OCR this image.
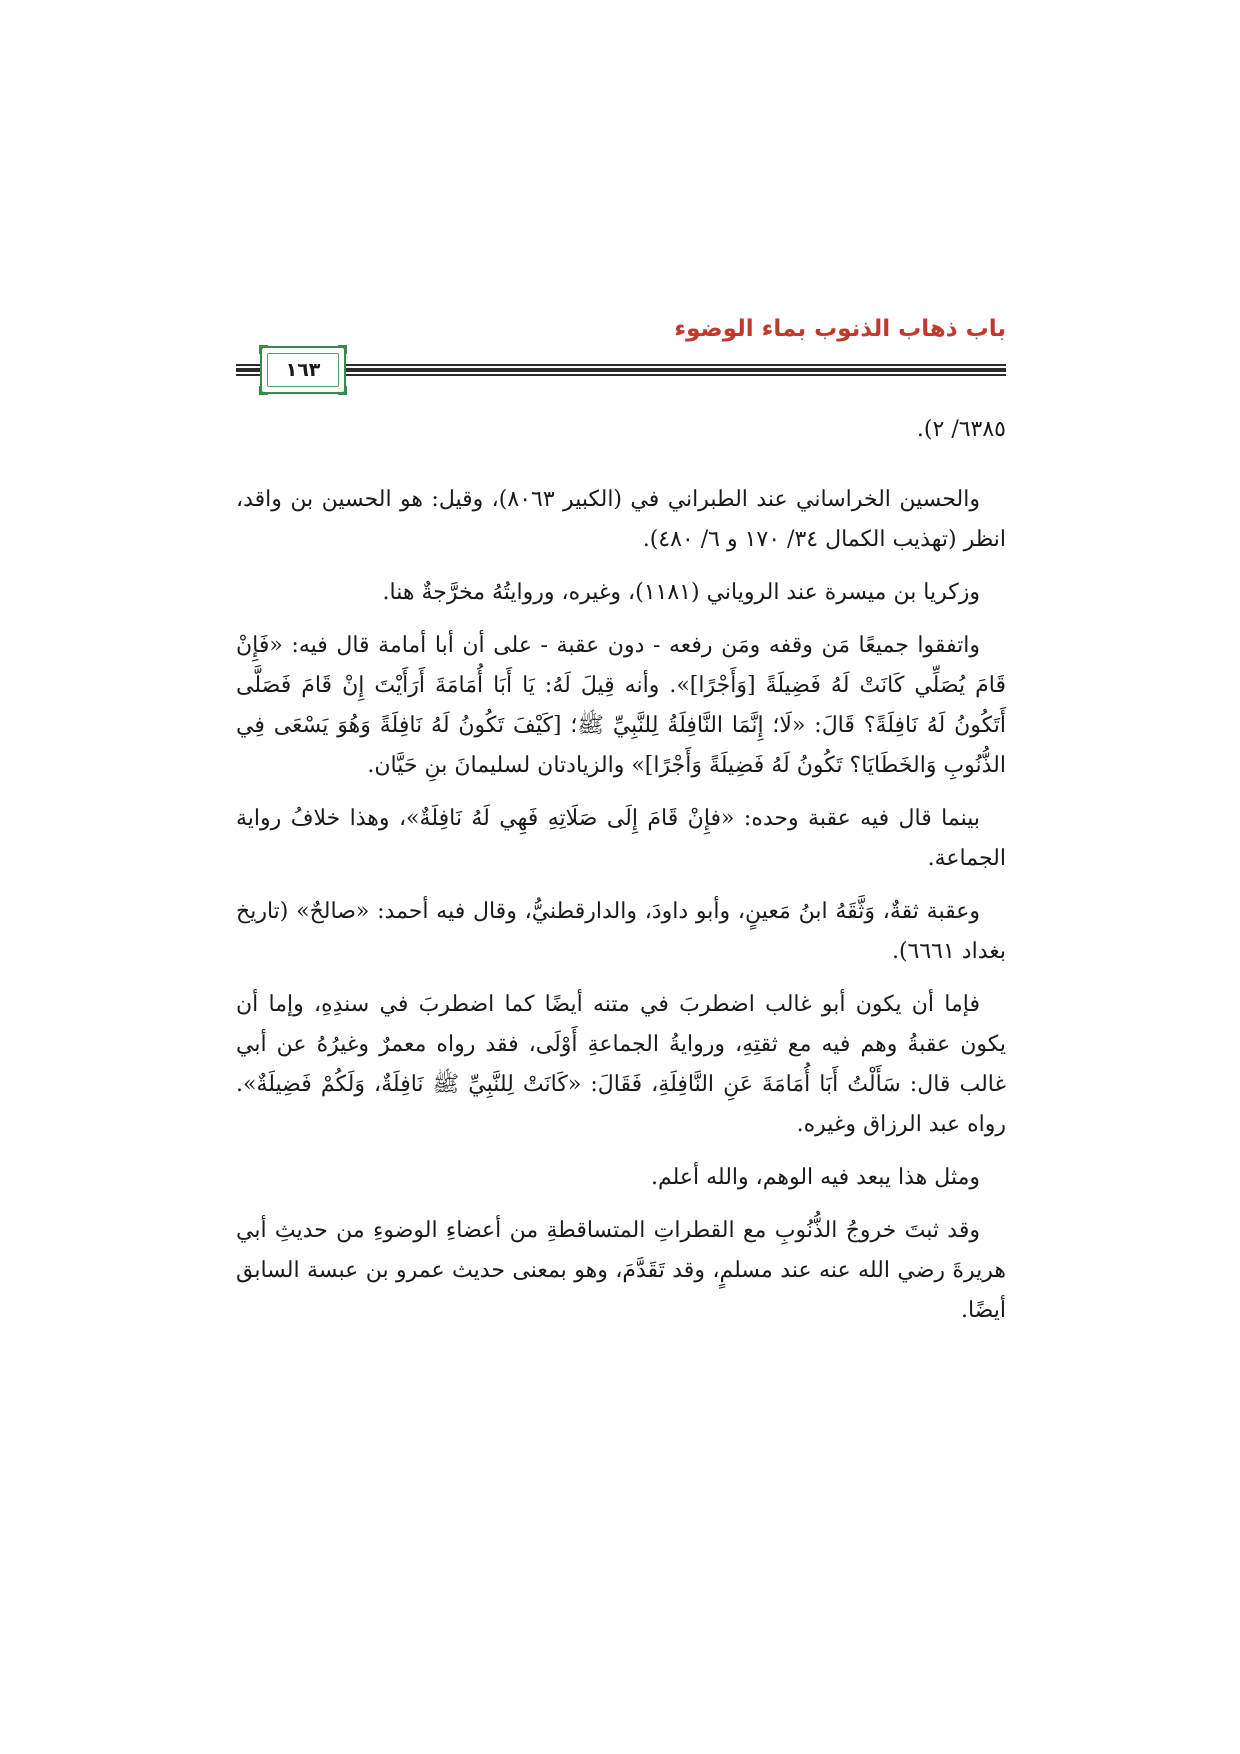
باب ذهاب الذنوب بماء الوضوء
١٦٣

٦٣٨٥/ ٢).

والحسين الخراساني عند الطبراني في (الكبير ٨٠٦٣)، وقيل: هو الحسين بن واقد، انظر (تهذيب الكمال ٣٤/ ١٧٠ و ٦/ ٤٨٠).

وزكريا بن ميسرة عند الروياني (١١٨١)، وغيره، وروايتُهُ مخرَّجةٌ هنا.

واتفقوا جميعًا مَن وقفه ومَن رفعه - دون عقبة - على أن أبا أمامة قال فيه: «فَإِنْ قَامَ يُصَلِّي كَانَتْ لَهُ فَضِيلَةً [وَأَجْرًا]». وأنه قِيلَ لَهُ: يَا أَبَا أُمَامَةَ أَرَأَيْتَ إِنْ قَامَ فَصَلَّى أَتَكُونُ لَهُ نَافِلَةً؟ قَالَ: «لَا؛ إِنَّمَا النَّافِلَةُ لِلنَّبِيِّ ﷺ؛ [كَيْفَ تَكُونُ لَهُ نَافِلَةً وَهُوَ يَسْعَى فِي الذُّنُوبِ وَالخَطَايَا؟ تَكُونُ لَهُ فَضِيلَةً وَأَجْرًا]» والزيادتان لسليمانَ بنِ حَيَّان.

بينما قال فيه عقبة وحده: «فإِنْ قَامَ إِلَى صَلَاتِهِ فَهِي لَهُ نَافِلَةٌ»، وهذا خلافُ رواية الجماعة.

وعقبة ثقةٌ، وَثَّقَهُ ابنُ مَعينٍ، وأبو داودَ، والدارقطنيُّ، وقال فيه أحمد: «صالحٌ» (تاريخ بغداد ٦٦٦١).

فإما أن يكون أبو غالب اضطربَ في متنه أيضًا كما اضطربَ في سندِهِ، وإما أن يكون عقبةُ وهم فيه مع ثقتِهِ، وروايةُ الجماعةِ أَوْلَى، فقد رواه معمرٌ وغيرُهُ عن أبي غالب قال: سَأَلْتُ أَبَا أُمَامَةَ عَنِ النَّافِلَةِ، فَقَالَ: «كَانَتْ لِلنَّبِيِّ ﷺ نَافِلَةٌ، وَلَكُمْ فَضِيلَةٌ». رواه عبد الرزاق وغيره.

ومثل هذا يبعد فيه الوهم، والله أعلم.

وقد ثبتَ خروجُ الذُّنُوبِ مع القطراتِ المتساقطةِ من أعضاءِ الوضوءِ من حديثِ أبي هريرةَ رضي الله عنه عند مسلمٍ، وقد تَقَدَّمَ، وهو بمعنى حديث عمرو بن عبسة السابق أيضًا.
